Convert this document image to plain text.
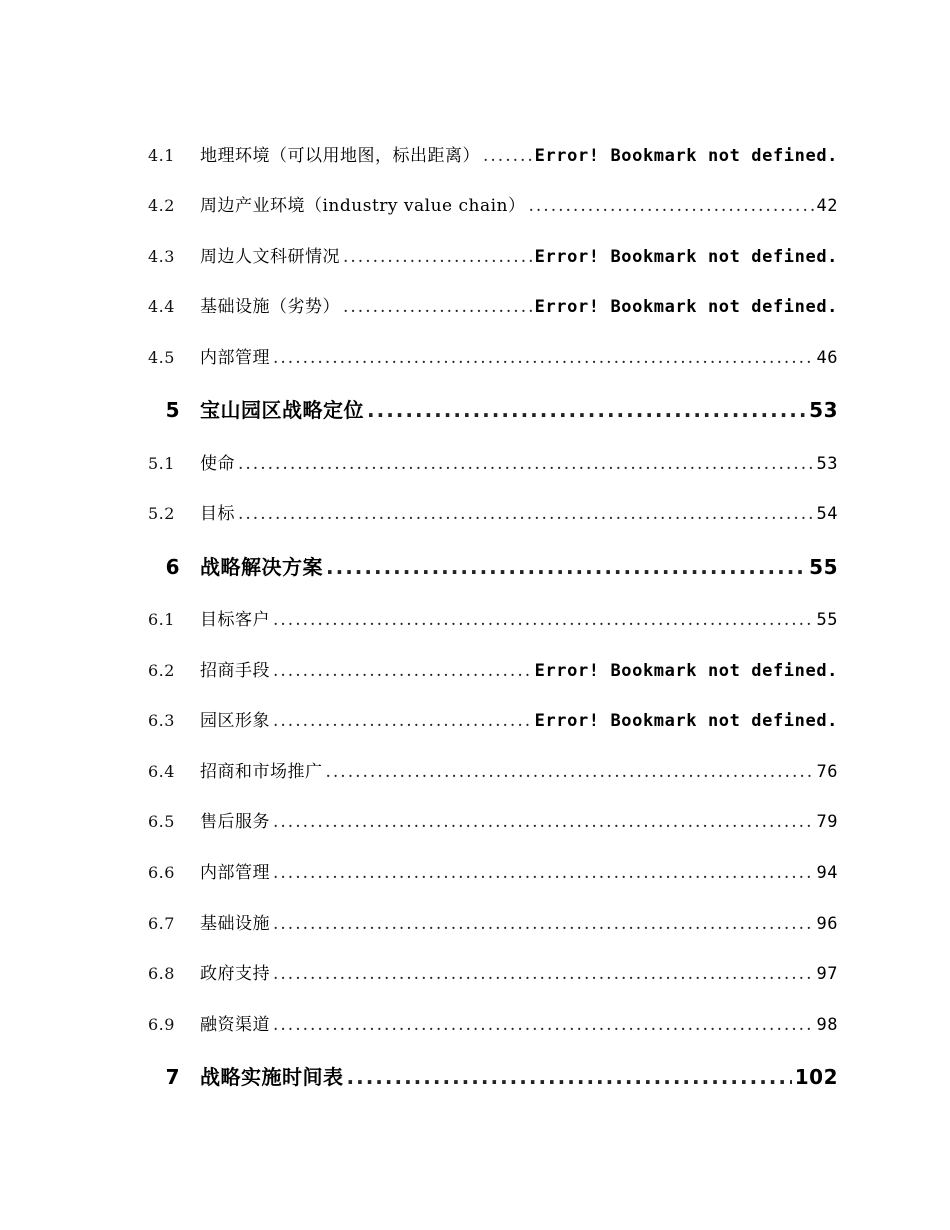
4.1	地理环境（可以用地图，标出距离） .....	Error! Bookmark not defined.
4.2	周边产业环境（industry value chain） .....	42
4.3	周边人文科研情况 .....	Error! Bookmark not defined.
4.4	基础设施（劣势） .....	Error! Bookmark not defined.
4.5	内部管理 .....	46
5 宝山园区战略定位 .....	53
5.1	使命 .....	53
5.2	目标 .....	54
6 战略解决方案 .....	55
6.1	目标客户 .....	55
6.2	招商手段 .....	Error! Bookmark not defined.
6.3	园区形象 .....	Error! Bookmark not defined.
6.4	招商和市场推广 .....	76
6.5	售后服务 .....	79
6.6	内部管理 .....	94
6.7	基础设施 .....	96
6.8	政府支持 .....	97
6.9	融资渠道 .....	98
7 战略实施时间表 .....	102
